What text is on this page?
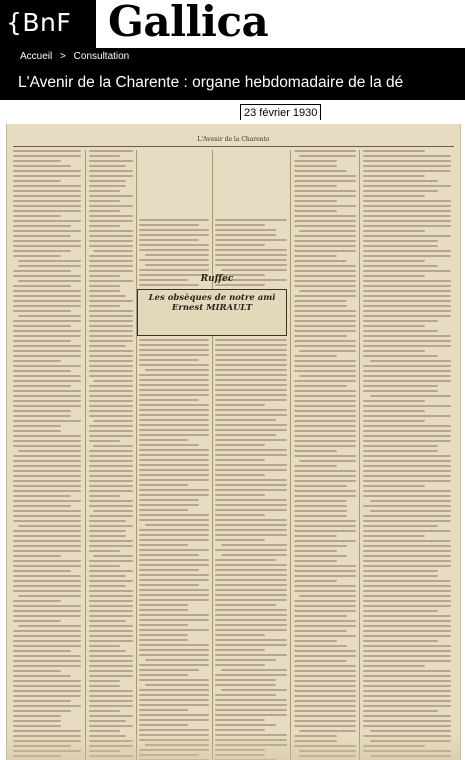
{BnF Gallica
Accueil > Consultation
L'Avenir de la Charente : organe hebdomadaire de la dé
23 février 1930
L'Avenir de la Charente
Ruffec
Les obsèques de notre ami Ernest MIRAULT
